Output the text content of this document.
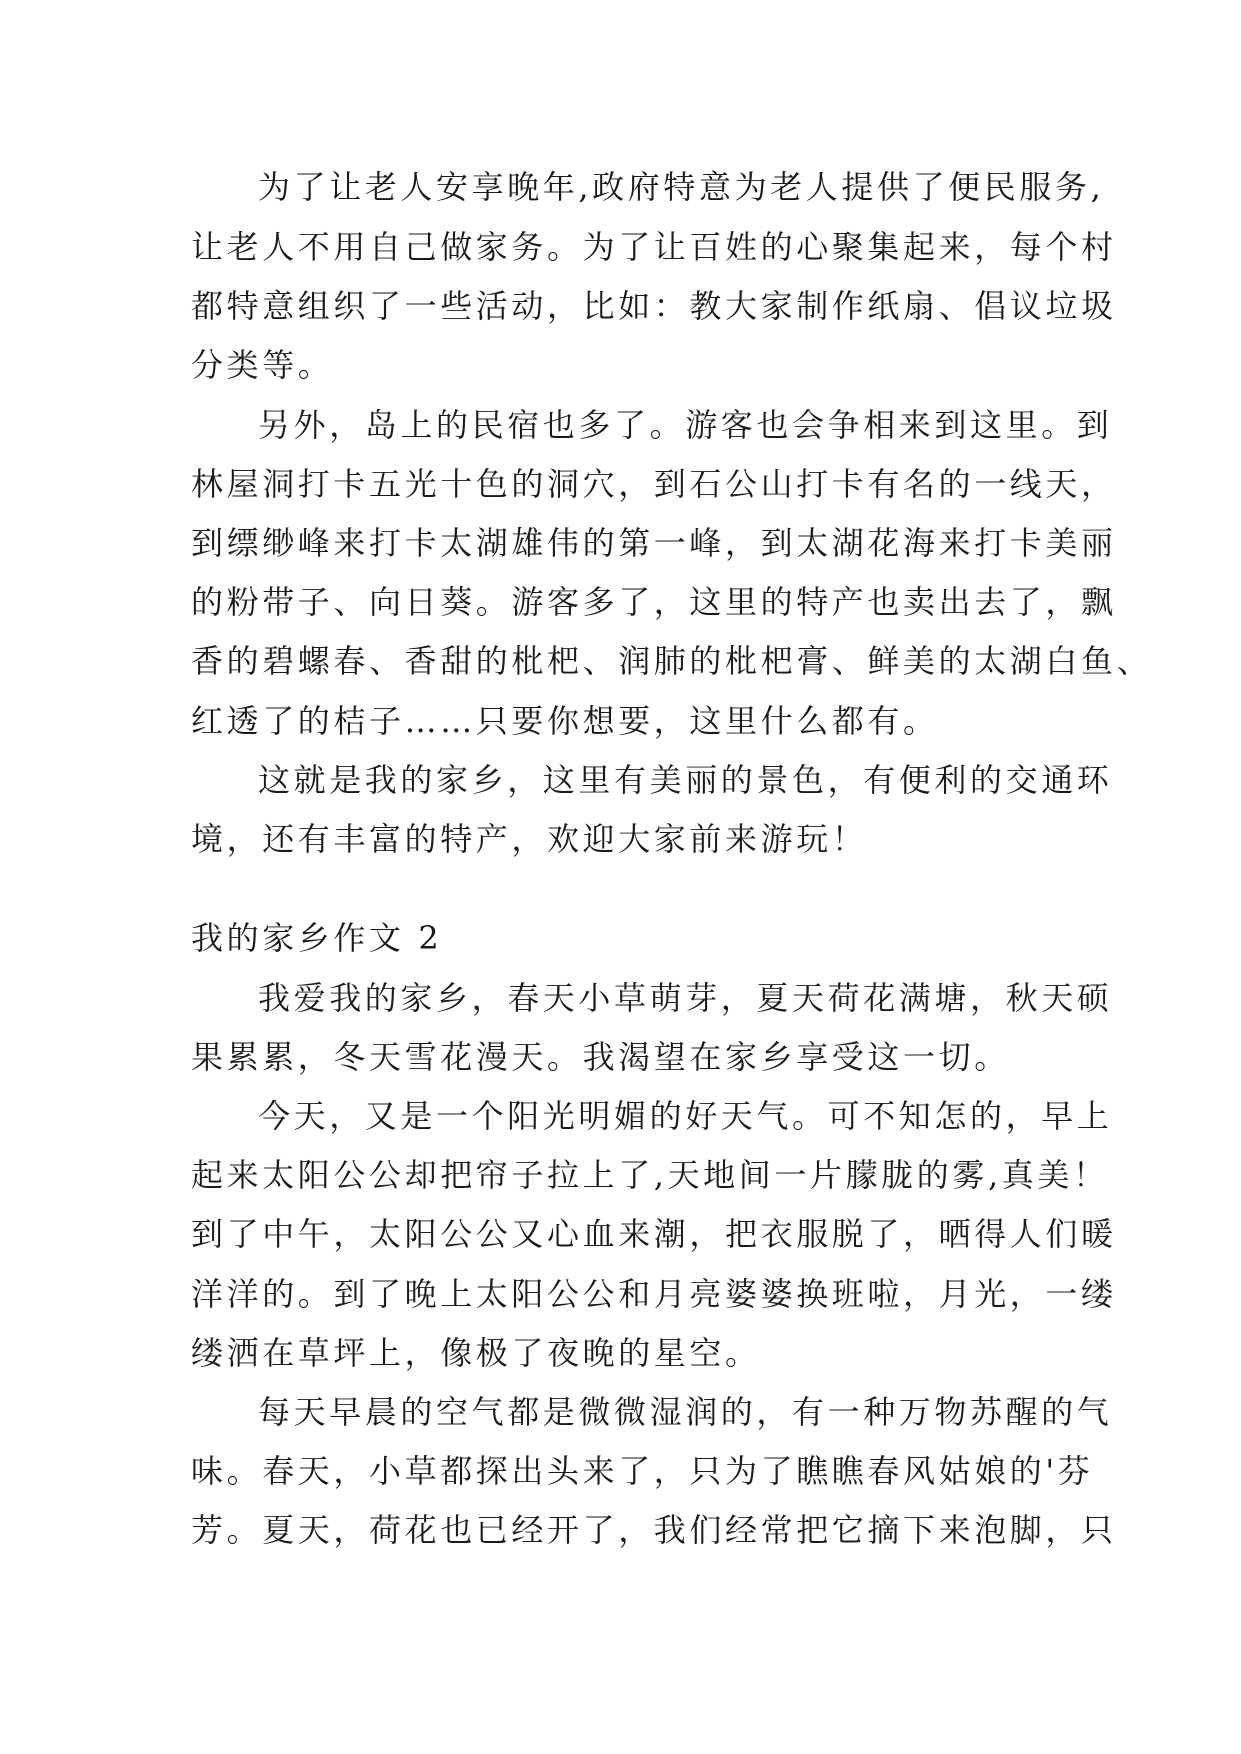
为了让老人安享晚年,政府特意为老人提供了便民服务,

让老人不用自己做家务。为了让百姓的心聚集起来，每个村

都特意组织了一些活动，比如：教大家制作纸扇、倡议垃圾

分类等。

另外，岛上的民宿也多了。游客也会争相来到这里。到

林屋洞打卡五光十色的洞穴，到石公山打卡有名的一线天，

到缥缈峰来打卡太湖雄伟的第一峰，到太湖花海来打卡美丽

的粉带子、向日葵。游客多了，这里的特产也卖出去了，飘

香的碧螺春、香甜的枇杷、润肺的枇杷膏、鲜美的太湖白鱼、

红透了的桔子……只要你想要，这里什么都有。

这就是我的家乡，这里有美丽的景色，有便利的交通环

境，还有丰富的特产，欢迎大家前来游玩！

我的家乡作文 2

我爱我的家乡，春天小草萌芽，夏天荷花满塘，秋天硕

果累累，冬天雪花漫天。我渴望在家乡享受这一切。

今天，又是一个阳光明媚的好天气。可不知怎的，早上

起来太阳公公却把帘子拉上了,天地间一片朦胧的雾,真美！

到了中午，太阳公公又心血来潮，把衣服脱了，晒得人们暖

洋洋的。到了晚上太阳公公和月亮婆婆换班啦，月光，一缕

缕洒在草坪上，像极了夜晚的星空。

每天早晨的空气都是微微湿润的，有一种万物苏醒的气

味。春天，小草都探出头来了，只为了瞧瞧春风姑娘的'芬

芳。夏天，荷花也已经开了，我们经常把它摘下来泡脚，只
